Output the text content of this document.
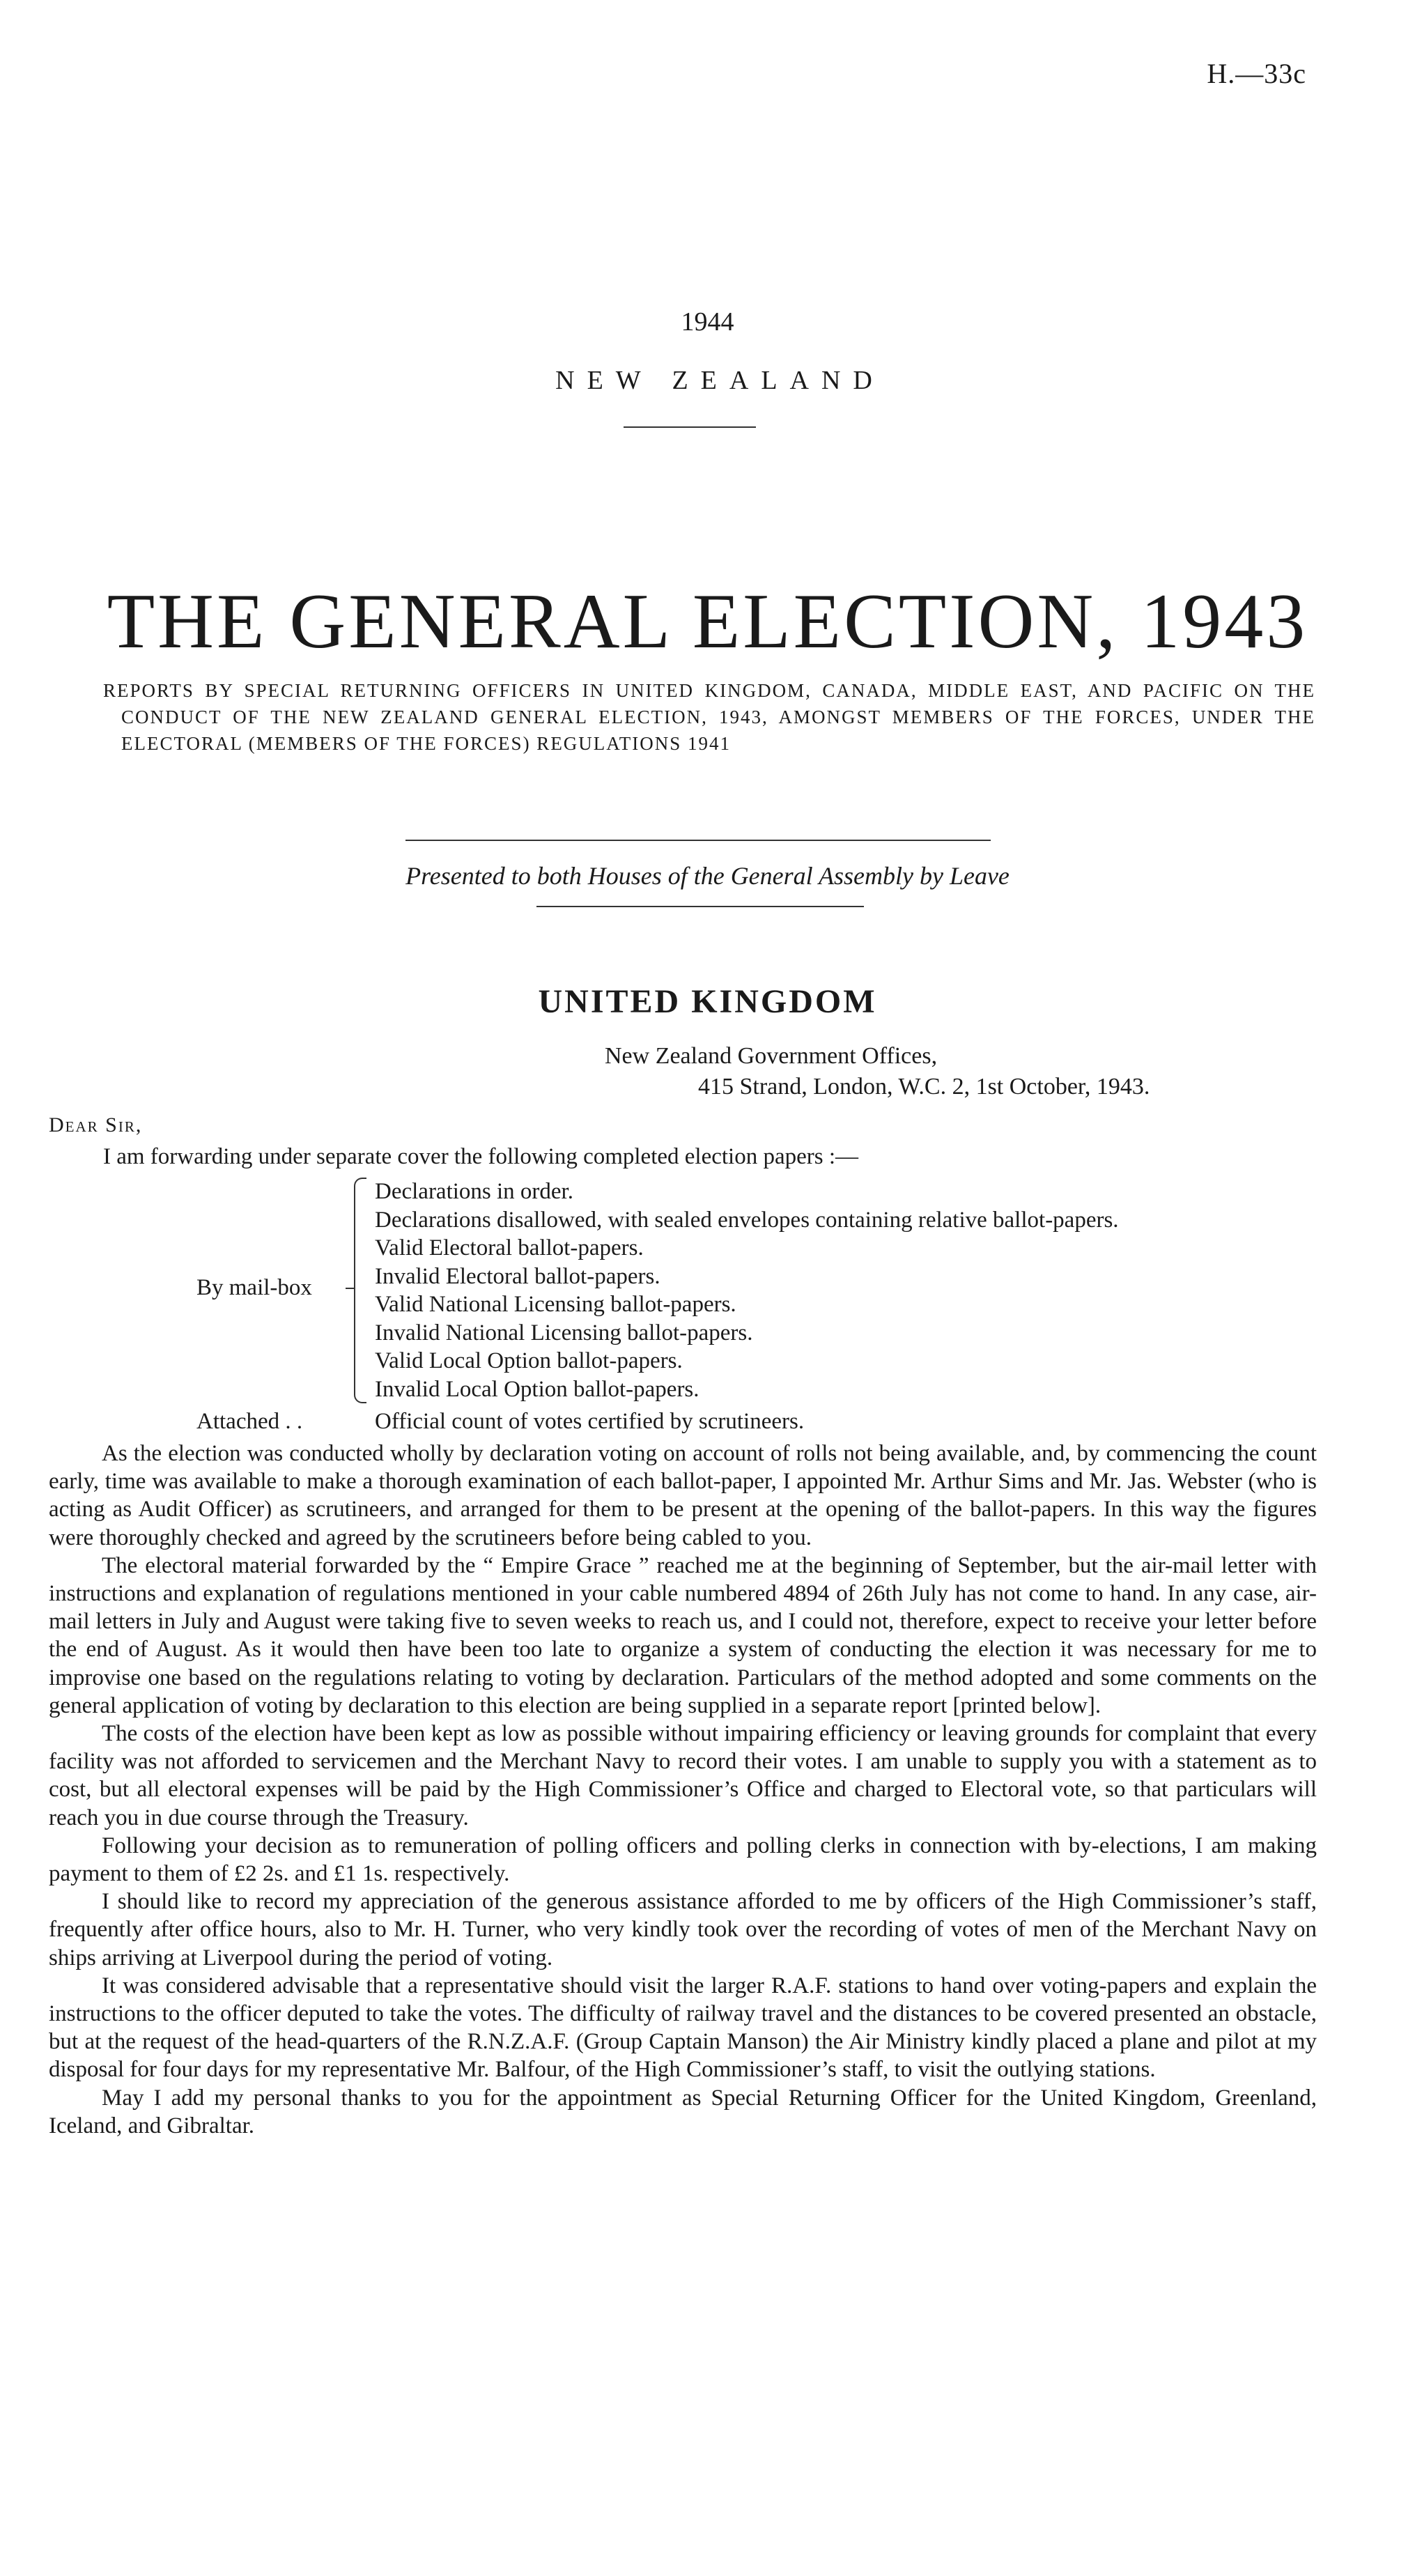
H.—33c
1944
NEW ZEALAND
THE GENERAL ELECTION, 1943
REPORTS BY SPECIAL RETURNING OFFICERS IN UNITED KINGDOM, CANADA, MIDDLE EAST, AND PACIFIC ON THE CONDUCT OF THE NEW ZEALAND GENERAL ELECTION, 1943, AMONGST MEMBERS OF THE FORCES, UNDER THE ELECTORAL (MEMBERS OF THE FORCES) REGULATIONS 1941
Presented to both Houses of the General Assembly by Leave
UNITED KINGDOM
New Zealand Government Offices,
415 Strand, London, W.C. 2, 1st October, 1943.
Dear Sir,
I am forwarding under separate cover the following completed election papers :—
By mail-box
Declarations in order.
Declarations disallowed, with sealed envelopes containing relative ballot-papers.
Valid Electoral ballot-papers.
Invalid Electoral ballot-papers.
Valid National Licensing ballot-papers.
Invalid National Licensing ballot-papers.
Valid Local Option ballot-papers.
Invalid Local Option ballot-papers.
Attached . .	Official count of votes certified by scrutineers.

As the election was conducted wholly by declaration voting on account of rolls not being available, and, by commencing the count early, time was available to make a thorough examination of each ballot-paper, I appointed Mr. Arthur Sims and Mr. Jas. Webster (who is acting as Audit Officer) as scrutineers, and arranged for them to be present at the opening of the ballot-papers. In this way the figures were thoroughly checked and agreed by the scrutineers before being cabled to you.

The electoral material forwarded by the “ Empire Grace ” reached me at the beginning of September, but the air-mail letter with instructions and explanation of regulations mentioned in your cable numbered 4894 of 26th July has not come to hand. In any case, air-mail letters in July and August were taking five to seven weeks to reach us, and I could not, therefore, expect to receive your letter before the end of August. As it would then have been too late to organize a system of conducting the election it was necessary for me to improvise one based on the regulations relating to voting by declaration. Particulars of the method adopted and some comments on the general application of voting by declaration to this election are being supplied in a separate report [printed below].

The costs of the election have been kept as low as possible without impairing efficiency or leaving grounds for complaint that every facility was not afforded to servicemen and the Merchant Navy to record their votes. I am unable to supply you with a statement as to cost, but all electoral expenses will be paid by the High Commissioner’s Office and charged to Electoral vote, so that particulars will reach you in due course through the Treasury.

Following your decision as to remuneration of polling officers and polling clerks in connection with by-elections, I am making payment to them of £2 2s. and £1 1s. respectively.

I should like to record my appreciation of the generous assistance afforded to me by officers of the High Commissioner’s staff, frequently after office hours, also to Mr. H. Turner, who very kindly took over the recording of votes of men of the Merchant Navy on ships arriving at Liverpool during the period of voting.

It was considered advisable that a representative should visit the larger R.A.F. stations to hand over voting-papers and explain the instructions to the officer deputed to take the votes. The difficulty of railway travel and the distances to be covered presented an obstacle, but at the request of the head-quarters of the R.N.Z.A.F. (Group Captain Manson) the Air Ministry kindly placed a plane and pilot at my disposal for four days for my representative Mr. Balfour, of the High Commissioner’s staff, to visit the outlying stations.

May I add my personal thanks to you for the appointment as Special Returning Officer for the United Kingdom, Greenland, Iceland, and Gibraltar.
